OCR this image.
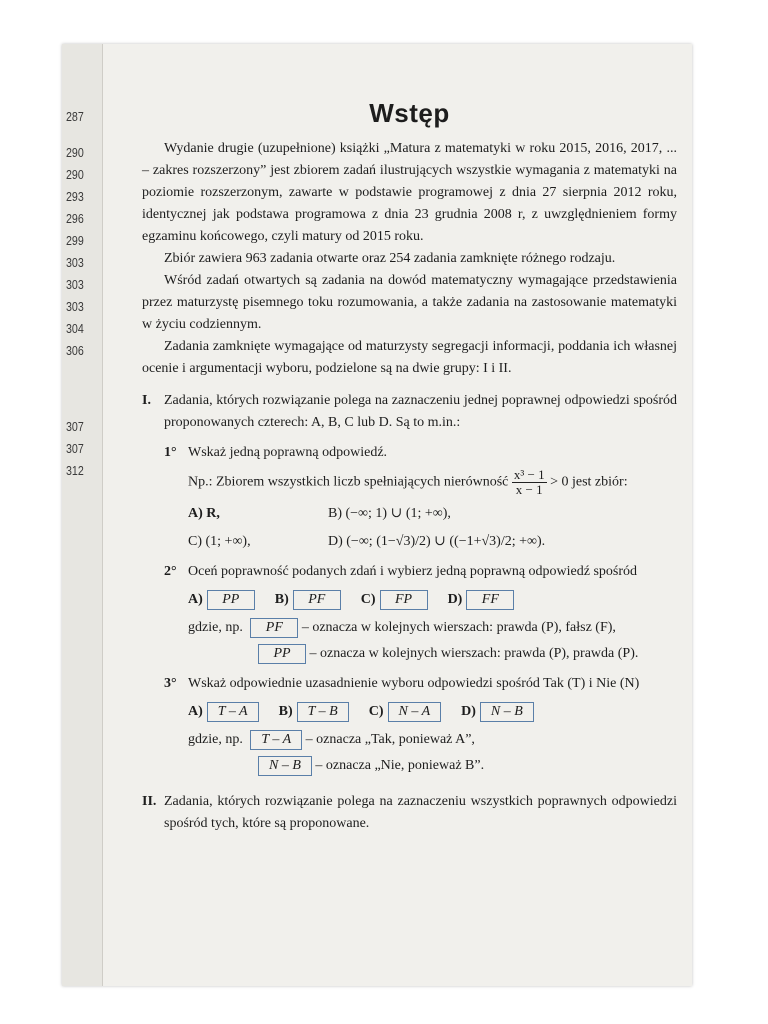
287
290
290
293
296
299
303
303
303
304
306
307
307
312
Wstęp

Wydanie drugie (uzupełnione) książki „Matura z matematyki w roku 2015, 2016, 2017, ... – zakres rozszerzony” jest zbiorem zadań ilustrujących wszystkie wymagania z matematyki na poziomie rozszerzonym, zawarte w podstawie programowej z dnia 27 sierpnia 2012 roku, identycznej jak podstawa programowa z dnia 23 grudnia 2008 r, z uwzględnieniem formy egzaminu końcowego, czyli matury od 2015 roku.

Zbiór zawiera 963 zadania otwarte oraz 254 zadania zamknięte różnego rodzaju.

Wśród zadań otwartych są zadania na dowód matematyczny wymagające przedstawienia przez maturzystę pisemnego toku rozumowania, a także zadania na zastosowanie matematyki w życiu codziennym.

Zadania zamknięte wymagające od maturzysty segregacji informacji, poddania ich własnej ocenie i argumentacji wyboru, podzielone są na dwie grupy: I i II.

I. Zadania, których rozwiązanie polega na zaznaczeniu jednej poprawnej odpowiedzi spośród proponowanych czterech: A, B, C lub D. Są to m.in.:

1° Wskaż jedną poprawną odpowiedź.
Np.: Zbiorem wszystkich liczb spełniających nierówność $\frac{\text{x³ − 1}}{x - 1} > 0$ jest zbiór:
A) R,	B) (−∞; 1) ∪ (1; +∞),
C) (1; +∞),	D) (−∞; (1−√3)/2) ∪ ((−1+√3)/2; +∞).
2° Oceń poprawność podanych zdań i wybierz jedną poprawną odpowiedź spośród
A) PP	B) PF	C) FP	D) FF
gdzie, np. PF – oznacza w kolejnych wierszach: prawda (P), fałsz (F),
PP – oznacza w kolejnych wierszach: prawda (P), prawda (P).
3° Wskaż odpowiednie uzasadnienie wyboru odpowiedzi spośród Tak (T) i Nie (N)
A) T – A	B) T – B	C) N – A	D) N – B
gdzie, np. T – A – oznacza „Tak, ponieważ A”,
N – B – oznacza „Nie, ponieważ B”.
II. Zadania, których rozwiązanie polega na zaznaczeniu wszystkich poprawnych odpowiedzi spośród tych, które są proponowane.
